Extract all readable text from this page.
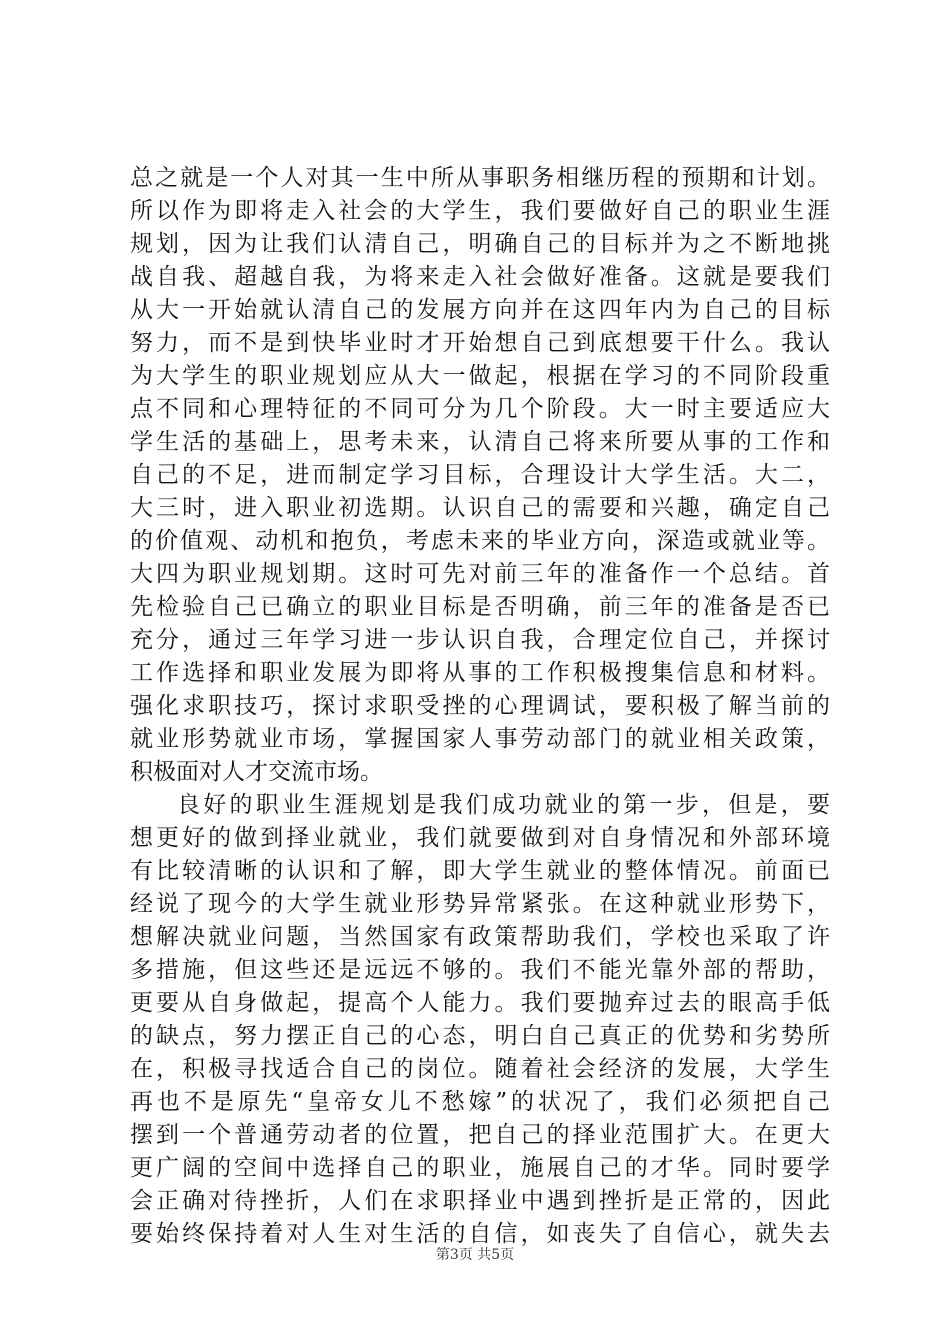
总之就是一个人对其一生中所从事职务相继历程的预期和计划。
所以作为即将走入社会的大学生，我们要做好自己的职业生涯
规划，因为让我们认清自己，明确自己的目标并为之不断地挑
战自我、超越自我，为将来走入社会做好准备。这就是要我们
从大一开始就认清自己的发展方向并在这四年内为自己的目标
努力，而不是到快毕业时才开始想自己到底想要干什么。我认
为大学生的职业规划应从大一做起，根据在学习的不同阶段重
点不同和心理特征的不同可分为几个阶段。大一时主要适应大
学生活的基础上，思考未来，认清自己将来所要从事的工作和
自己的不足，进而制定学习目标，合理设计大学生活。大二，
大三时，进入职业初选期。认识自己的需要和兴趣，确定自己
的价值观、动机和抱负，考虑未来的毕业方向，深造或就业等。
大四为职业规划期。这时可先对前三年的准备作一个总结。首
先检验自己已确立的职业目标是否明确，前三年的准备是否已
充分，通过三年学习进一步认识自我，合理定位自己，并探讨
工作选择和职业发展为即将从事的工作积极搜集信息和材料。
强化求职技巧，探讨求职受挫的心理调试，要积极了解当前的
就业形势就业市场，掌握国家人事劳动部门的就业相关政策，
积极面对人才交流市场。
良好的职业生涯规划是我们成功就业的第一步，但是，要
想更好的做到择业就业，我们就要做到对自身情况和外部环境
有比较清晰的认识和了解，即大学生就业的整体情况。前面已
经说了现今的大学生就业形势异常紧张。在这种就业形势下，
想解决就业问题，当然国家有政策帮助我们，学校也采取了许
多措施，但这些还是远远不够的。我们不能光靠外部的帮助，
更要从自身做起，提高个人能力。我们要抛弃过去的眼高手低
的缺点，努力摆正自己的心态，明白自己真正的优势和劣势所
在，积极寻找适合自己的岗位。随着社会经济的发展，大学生
再也不是原先“皇帝女儿不愁嫁”的状况了，我们必须把自己
摆到一个普通劳动者的位置，把自己的择业范围扩大。在更大
更广阔的空间中选择自己的职业，施展自己的才华。同时要学
会正确对待挫折，人们在求职择业中遇到挫折是正常的，因此
要始终保持着对人生对生活的自信，如丧失了自信心，就失去
第3页 共5页
